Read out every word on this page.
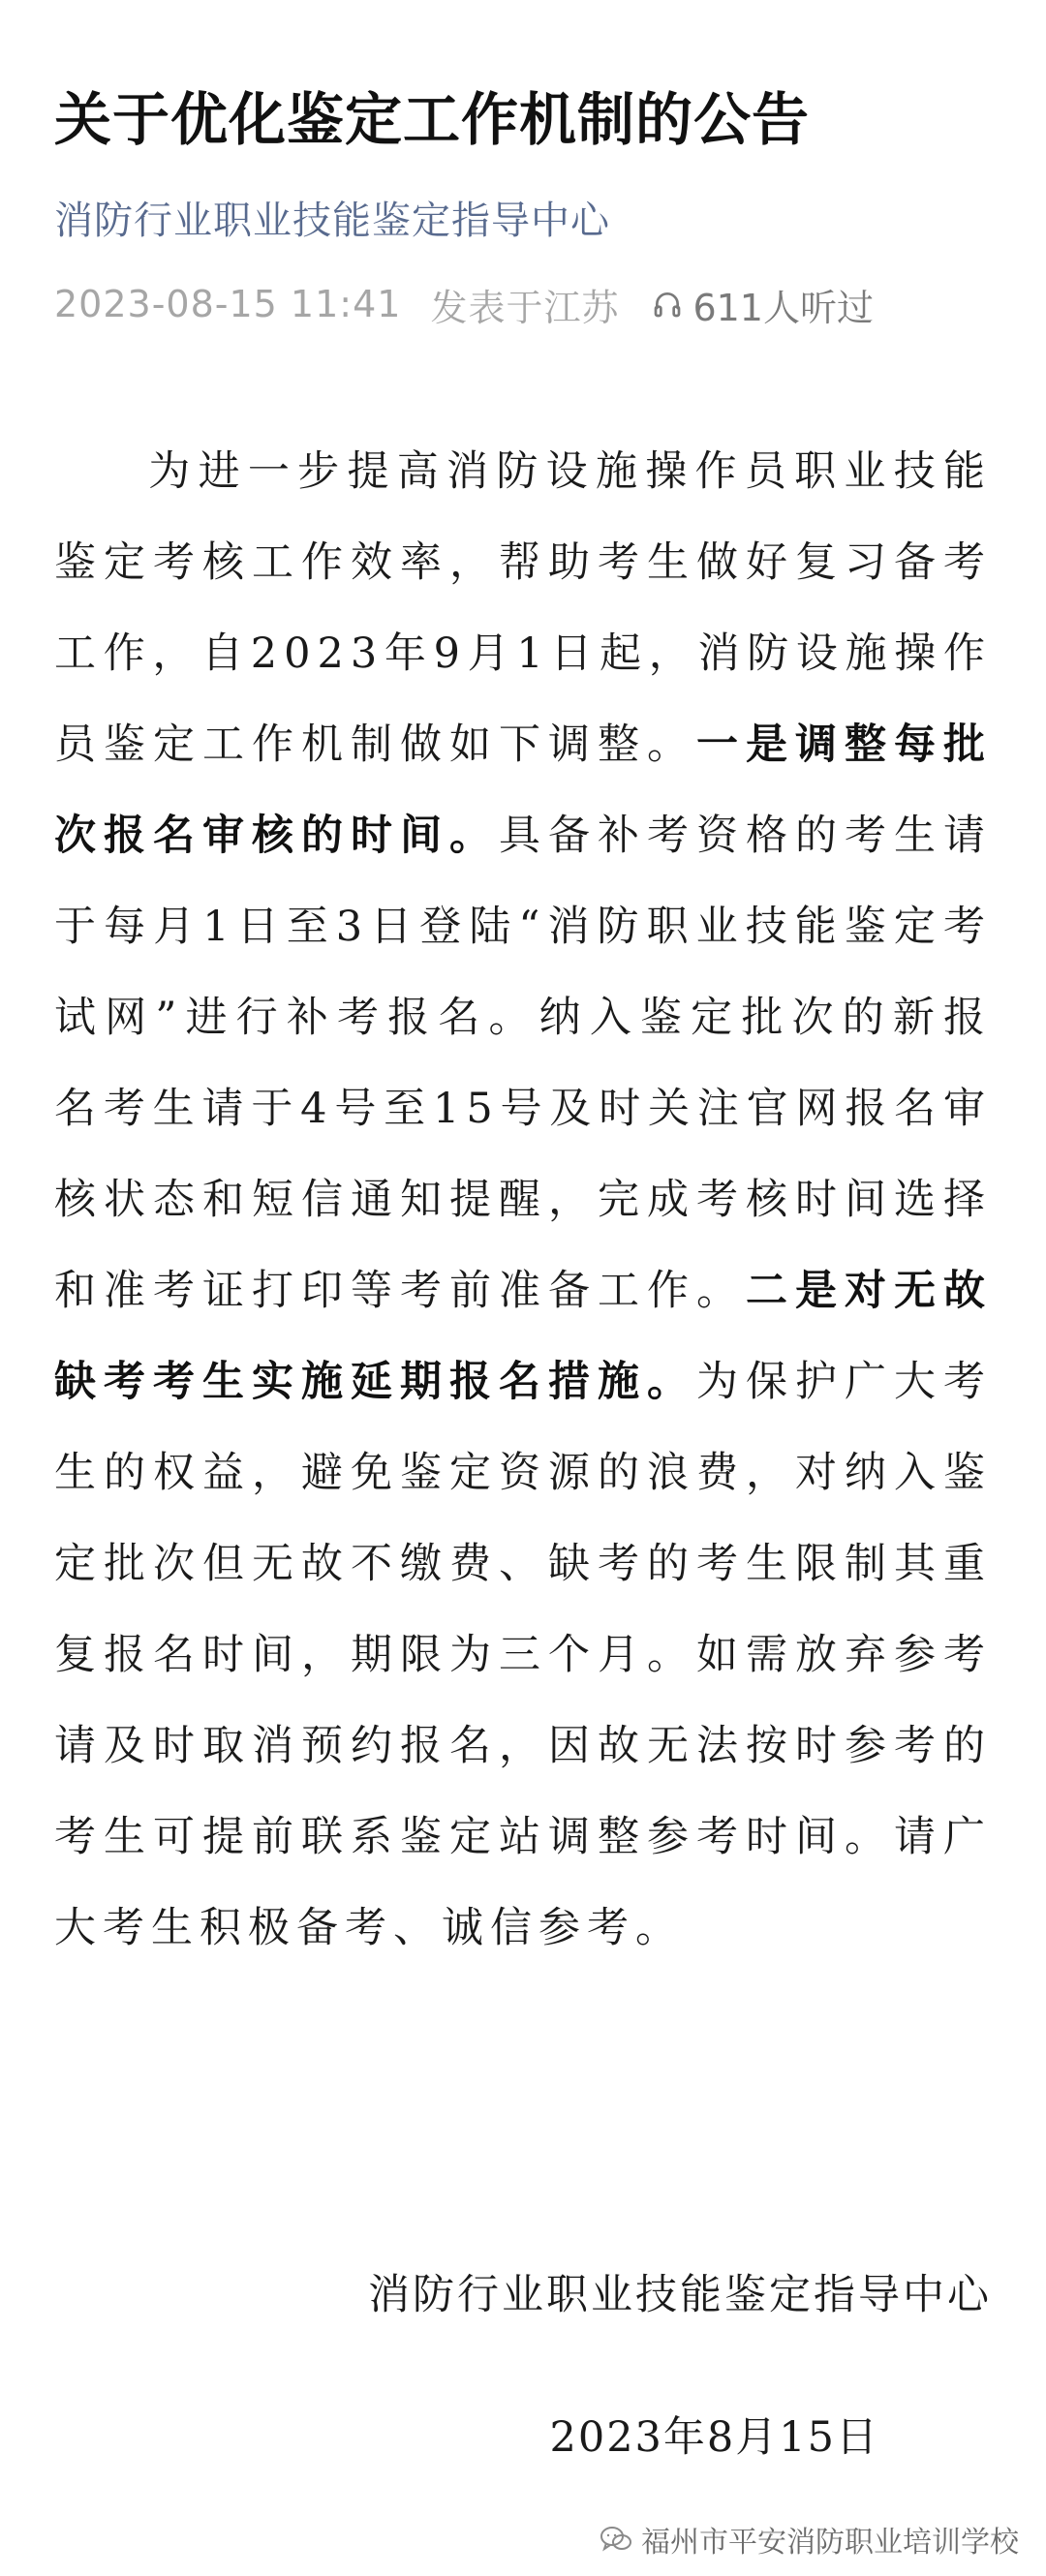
关于优化鉴定工作机制的公告
消防行业职业技能鉴定指导中心
2023-08-15 11:41 发表于江苏 611人听过
为进一步提高消防设施操作员职业技能鉴定考核工作效率，帮助考生做好复习备考工作，自2023年9月1日起，消防设施操作员鉴定工作机制做如下调整。一是调整每批次报名审核的时间。具备补考资格的考生请于每月1日至3日登陆“消防职业技能鉴定考试网”进行补考报名。纳入鉴定批次的新报名考生请于4号至15号及时关注官网报名审核状态和短信通知提醒，完成考核时间选择和准考证打印等考前准备工作。二是对无故缺考考生实施延期报名措施。为保护广大考生的权益，避免鉴定资源的浪费，对纳入鉴定批次但无故不缴费、缺考的考生限制其重复报名时间，期限为三个月。如需放弃参考请及时取消预约报名，因故无法按时参考的考生可提前联系鉴定站调整参考时间。请广大考生积极备考、诚信参考。
消防行业职业技能鉴定指导中心
2023年8月15日
福州市平安消防职业培训学校
